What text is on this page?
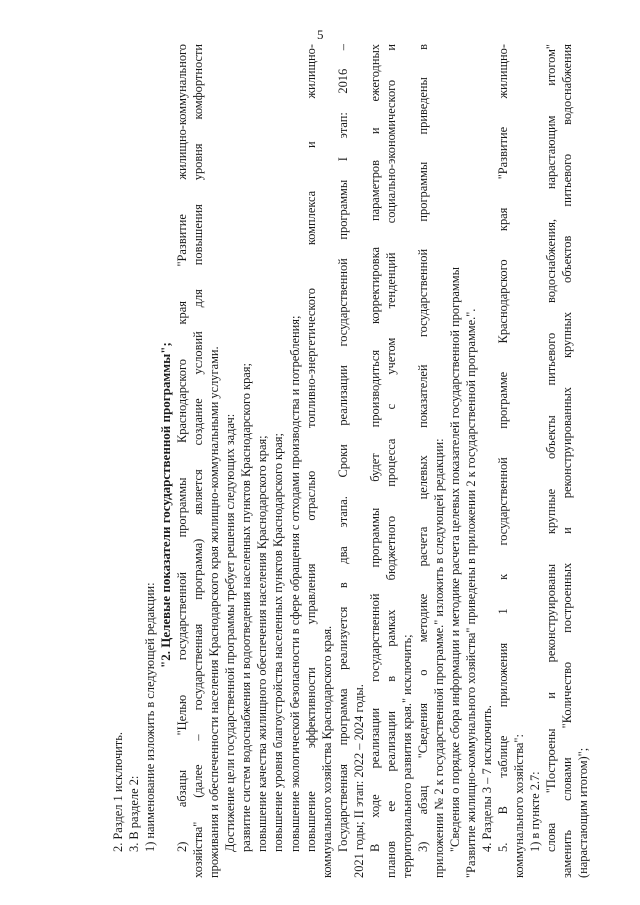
5
2. Раздел 1 исключить. 3. В разделе 2: 1) наименование изложить в следующей редакции:
"2. Целевые показатели государственной программы"; 2) абзацы "Целью государственной программы Краснодарского края "Развитие жилищно-коммунального хозяйства" (далее – государственная программа) является создание условий для повышения уровня комфортности проживания и обеспеченности населения Краснодарского края жилищно-коммунальными услугами. Достижение цели государственной программы требует решения следующих задач: развитие систем водоснабжения и водоотведения населенных пунктов Краснодарского края; повышение качества жилищного обеспечения населения Краснодарского края; повышение уровня благоустройства населенных пунктов Краснодарского края; повышение экологической безопасности в сфере обращения с отходами производства и потребления; повышение эффективности управления отраслью топливно-энергетического комплекса и жилищно- коммунального хозяйства Краснодарского края. Государственная программа реализуется в два этапа. Сроки реализации государственной программы I этап: 2016 – 2021 годы; II этап: 2022 – 2024 годы. В ходе реализации государственной программы будет производиться корректировка параметров и ежегодных планов ее реализации в рамках бюджетного процесса с учетом тенденций социально-экономического и территориального развития края." исключить; 3) абзац "Сведения о методике расчета целевых показателей государственной программы приведены в приложении № 2 к государственной программе." изложить в следующей редакции: "Сведения о порядке сбора информации и методике расчета целевых показателей государственной программы "Развитие жилищно-коммунального хозяйства" приведены в приложении 2 к государственной программе.". 4. Разделы 3 – 7 исключить. 5. В таблице приложения 1 к государственной программе Краснодарского края "Развитие жилищно- коммунального хозяйства": 1) в пункте 2.7: слова "Построены и реконструированы крупные объекты питьевого водоснабжения, нарастающим итогом" заменить словами "Количество построенных и реконструированных крупных объектов питьевого водоснабжения (нарастающим итогом)";
